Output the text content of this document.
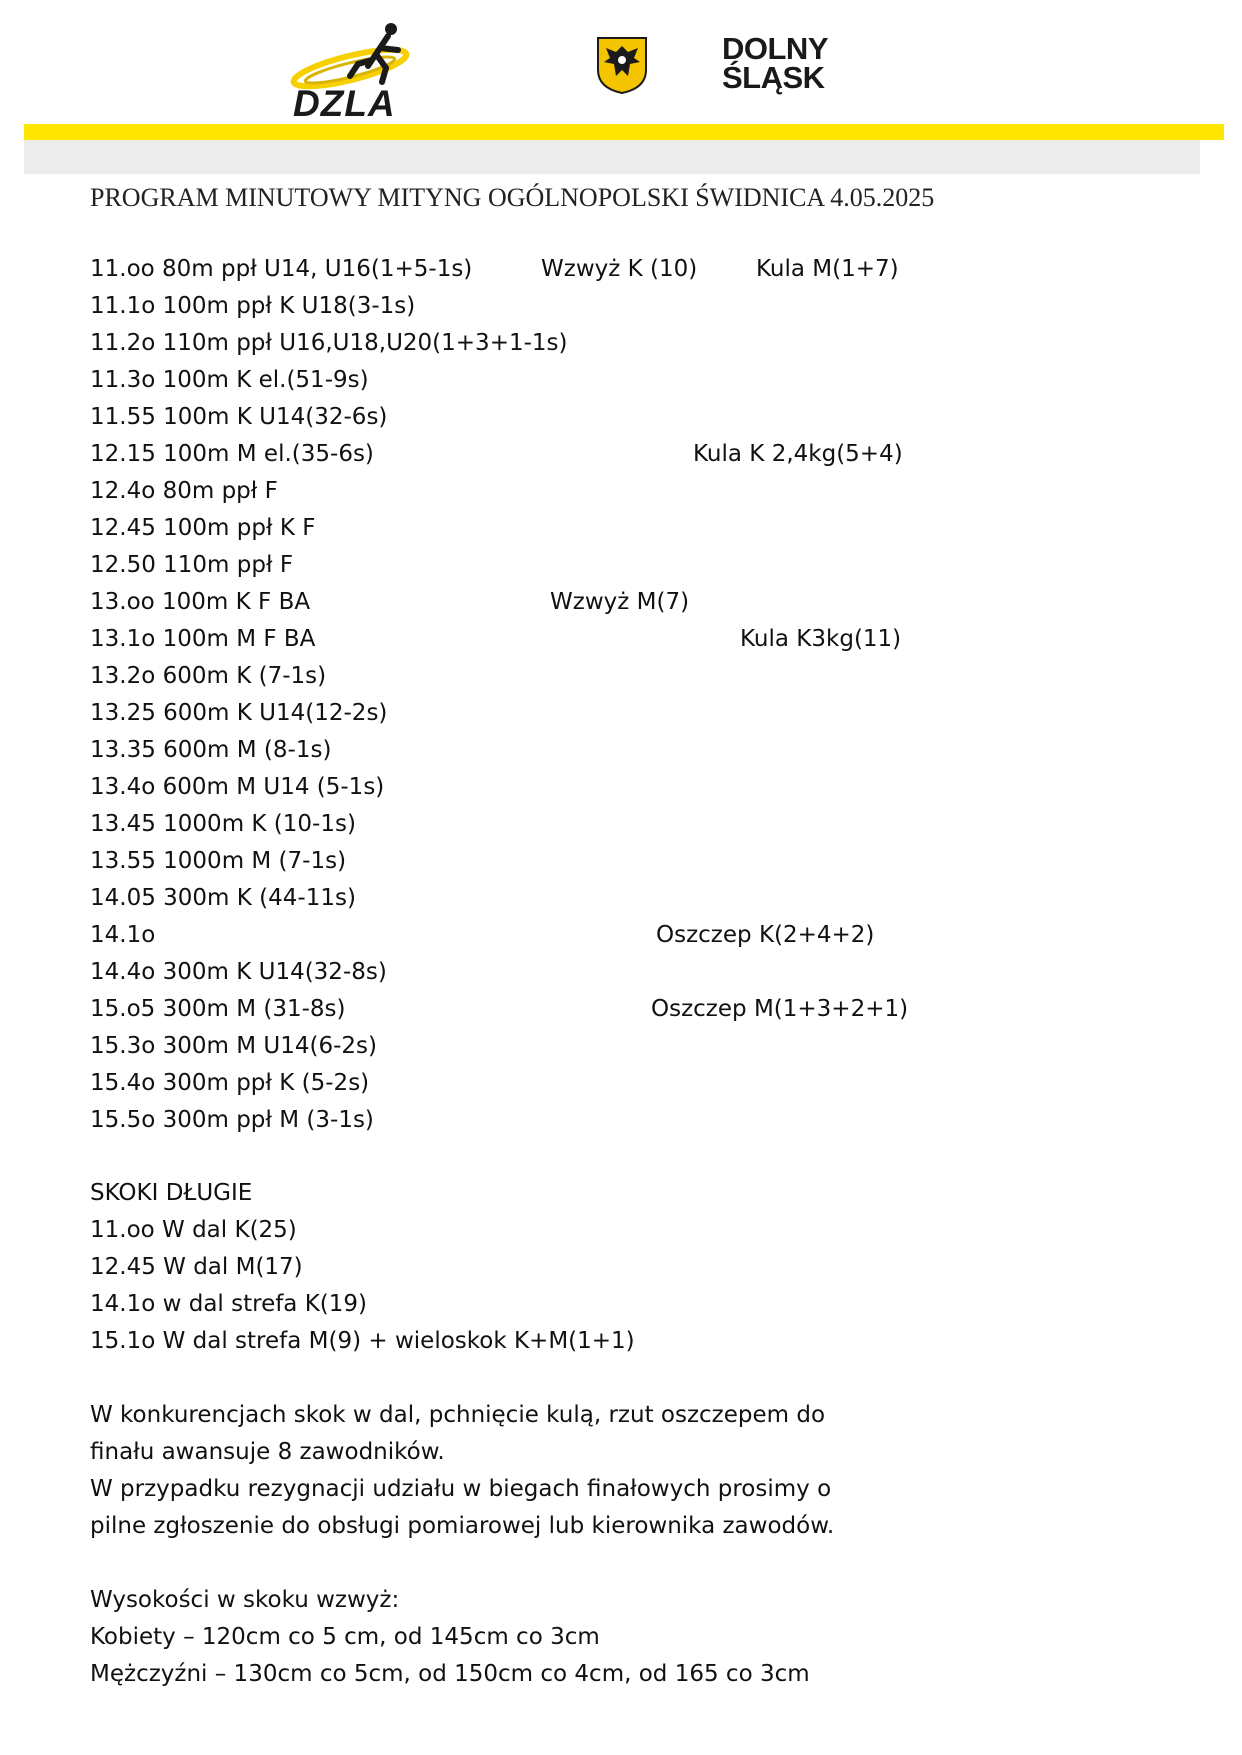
DZLA
DOLNY
ŚLĄSK
PROGRAM MINUTOWY MITYNG OGÓLNOPOLSKI ŚWIDNICA 4.05.2025
11.oo 80m ppł U14, U16(1+5-1s)	Wzwyż K (10)	Kula M(1+7)
11.1o 100m ppł K U18(3-1s)
11.2o 110m ppł U16,U18,U20(1+3+1-1s)
11.3o 100m K el.(51-9s)
11.55 100m K U14(32-6s)
12.15 100m M el.(35-6s)	Kula K 2,4kg(5+4)
12.4o 80m ppł F
12.45 100m ppł K F
12.50 110m ppł F
13.oo 100m K F BA	Wzwyż M(7)
13.1o 100m M F BA	Kula K3kg(11)
13.2o 600m K (7-1s)
13.25 600m K U14(12-2s)
13.35 600m M (8-1s)
13.4o 600m M U14 (5-1s)
13.45 1000m K (10-1s)
13.55 1000m M (7-1s)
14.05 300m K (44-11s)
14.1o	Oszczep K(2+4+2)
14.4o 300m K U14(32-8s)
15.o5 300m M (31-8s)	Oszczep M(1+3+2+1)
15.3o 300m M U14(6-2s)
15.4o 300m ppł K (5-2s)
15.5o 300m ppł M (3-1s)
SKOKI DŁUGIE
11.oo W dal K(25)
12.45 W dal M(17)
14.1o w dal strefa K(19)
15.1o W dal strefa M(9) + wieloskok K+M(1+1)
W konkurencjach skok w dal, pchnięcie kulą, rzut oszczepem do
finału awansuje 8 zawodników.
W przypadku rezygnacji udziału w biegach finałowych prosimy o
pilne zgłoszenie do obsługi pomiarowej lub kierownika zawodów.
Wysokości w skoku wzwyż:
Kobiety – 120cm co 5 cm, od 145cm co 3cm
Mężczyźni – 130cm co 5cm, od 150cm co 4cm, od 165 co 3cm
